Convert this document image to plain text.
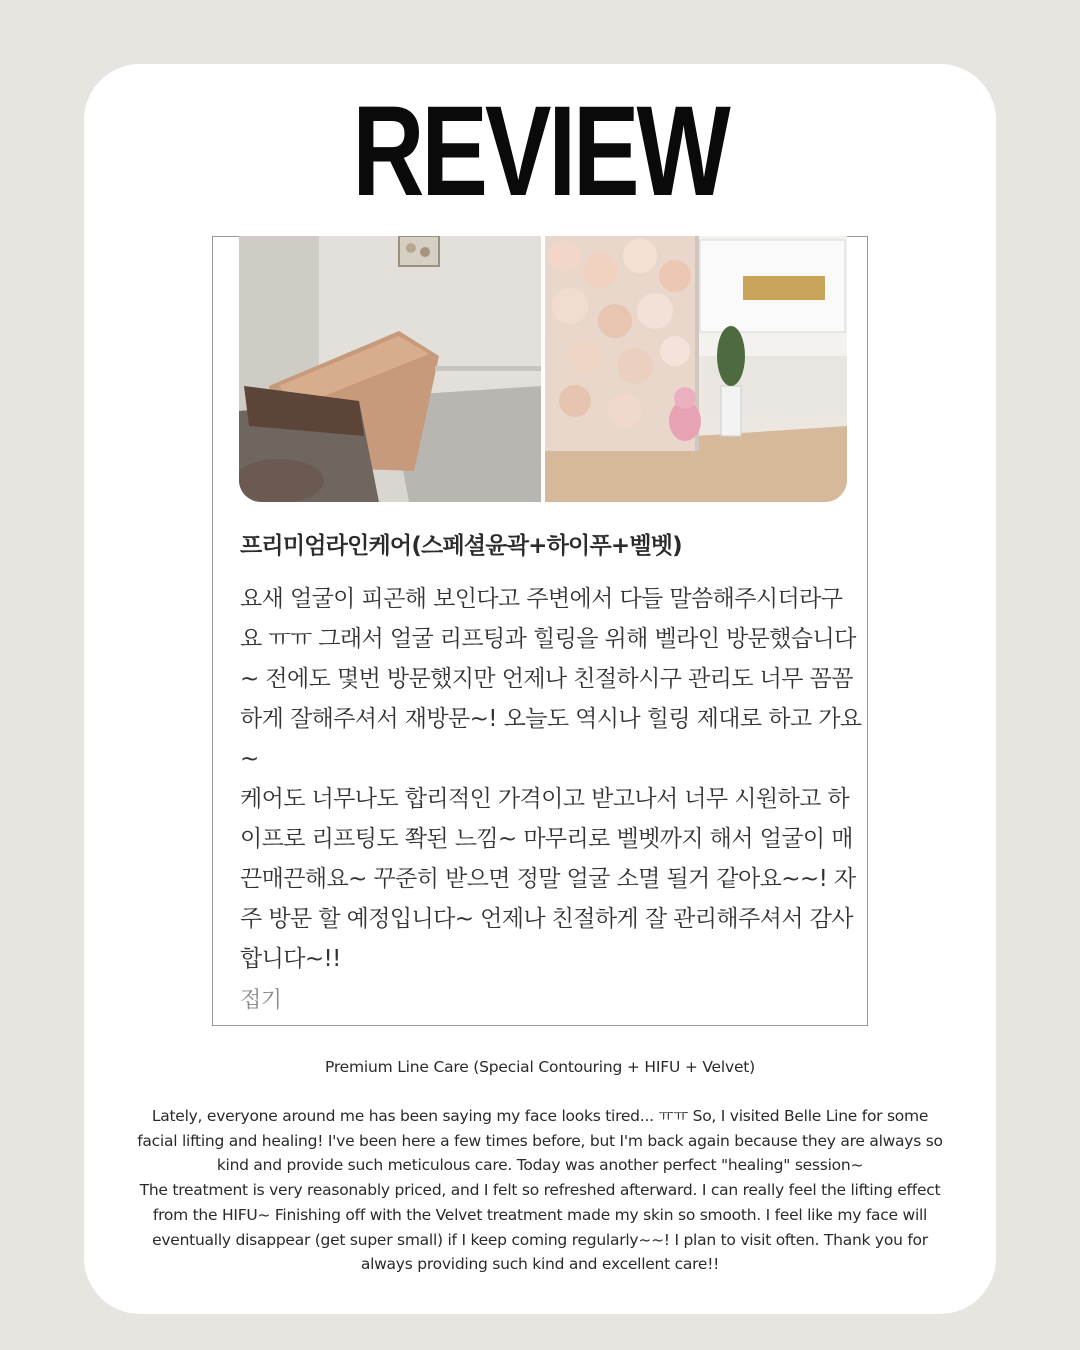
REVIEW
프리미엄라인케어(스페셜윤곽+하이푸+벨벳)

요새 얼굴이 피곤해 보인다고 주변에서 다들 말씀해주시더라구

요 ㅠㅠ 그래서 얼굴 리프팅과 힐링을 위해 벨라인 방문했습니다

~ 전에도 몇번 방문했지만 언제나 친절하시구 관리도 너무 꼼꼼

하게 잘해주셔서 재방문~! 오늘도 역시나 힐링 제대로 하고 가요

~

케어도 너무나도 합리적인 가격이고 받고나서 너무 시원하고 하

이프로 리프팅도 쫙된 느낌~ 마무리로 벨벳까지 해서 얼굴이 매

끈매끈해요~ 꾸준히 받으면 정말 얼굴 소멸 될거 같아요~~! 자

주 방문 할 예정입니다~ 언제나 친절하게 잘 관리해주셔서 감사

합니다~!!

접기
Premium Line Care (Special Contouring + HIFU + Velvet)

Lately, everyone around me has been saying my face looks tired... ㅠㅠ So, I visited Belle Line for some

facial lifting and healing! I've been here a few times before, but I'm back again because they are always so

kind and provide such meticulous care. Today was another perfect "healing" session~

The treatment is very reasonably priced, and I felt so refreshed afterward. I can really feel the lifting effect

from the HIFU~ Finishing off with the Velvet treatment made my skin so smooth. I feel like my face will

eventually disappear (get super small) if I keep coming regularly~~! I plan to visit often. Thank you for

always providing such kind and excellent care!!
